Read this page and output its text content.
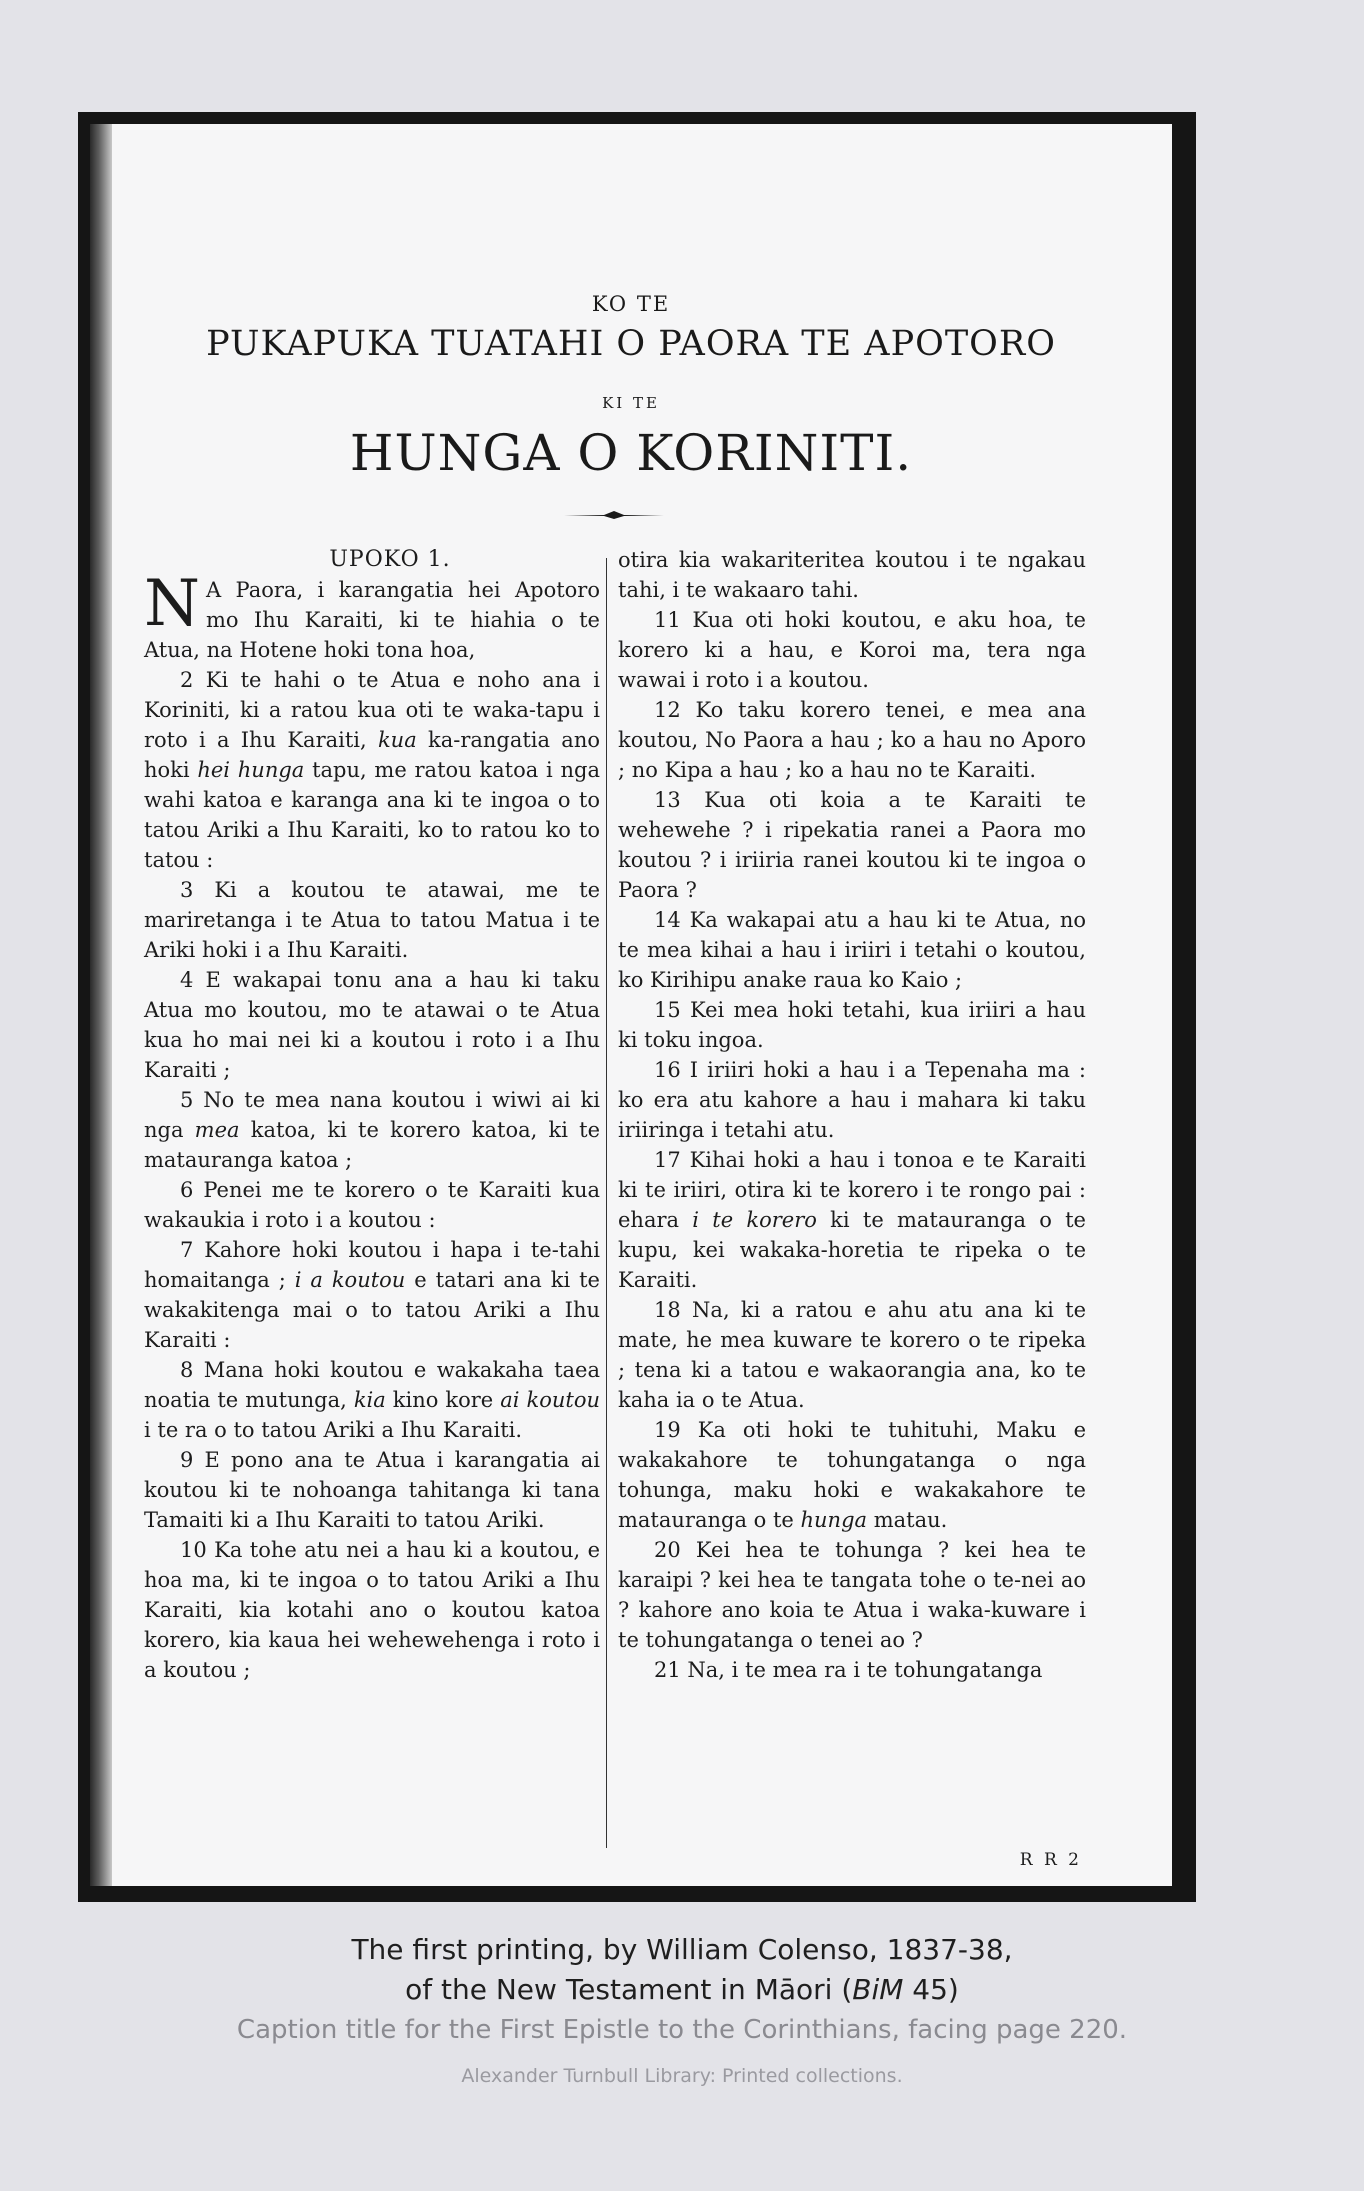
KO TE
PUKAPUKA TUATAHI O PAORA TE APOTORO
KI TE
HUNGA O KORINITI.

UPOKO 1.

N A Paora, i karangatia hei Apotoro mo Ihu Karaiti, ki te hiahia o te Atua, na Hotene hoki tona hoa,

2 Ki te hahi o te Atua e noho ana i Koriniti, ki a ratou kua oti te waka-tapu i roto i a Ihu Karaiti, kua ka-rangatia ano hoki hei hunga tapu, me ratou katoa i nga wahi katoa e karanga ana ki te ingoa o to tatou Ariki a Ihu Karaiti, ko to ratou ko to tatou :

3 Ki a koutou te atawai, me te mariretanga i te Atua to tatou Matua i te Ariki hoki i a Ihu Karaiti.

4 E wakapai tonu ana a hau ki taku Atua mo koutou, mo te atawai o te Atua kua ho mai nei ki a koutou i roto i a Ihu Karaiti ;

5 No te mea nana koutou i wiwi ai ki nga mea katoa, ki te korero katoa, ki te matauranga katoa ;

6 Penei me te korero o te Karaiti kua wakaukia i roto i a koutou :

7 Kahore hoki koutou i hapa i te-tahi homaitanga ; i a koutou e tatari ana ki te wakakitenga mai o to tatou Ariki a Ihu Karaiti :

8 Mana hoki koutou e wakakaha taea noatia te mutunga, kia kino kore ai koutou i te ra o to tatou Ariki a Ihu Karaiti.

9 E pono ana te Atua i karangatia ai koutou ki te nohoanga tahitanga ki tana Tamaiti ki a Ihu Karaiti to tatou Ariki.

10 Ka tohe atu nei a hau ki a koutou, e hoa ma, ki te ingoa o to tatou Ariki a Ihu Karaiti, kia kotahi ano o koutou katoa korero, kia kaua hei wehewehenga i roto i a koutou ;

otira kia wakariteritea koutou i te ngakau tahi, i te wakaaro tahi.

11 Kua oti hoki koutou, e aku hoa, te korero ki a hau, e Koroi ma, tera nga wawai i roto i a koutou.

12 Ko taku korero tenei, e mea ana koutou, No Paora a hau ; ko a hau no Aporo ; no Kipa a hau ; ko a hau no te Karaiti.

13 Kua oti koia a te Karaiti te wehewehe ? i ripekatia ranei a Paora mo koutou ? i iriiria ranei koutou ki te ingoa o Paora ?

14 Ka wakapai atu a hau ki te Atua, no te mea kihai a hau i iriiri i tetahi o koutou, ko Kirihipu anake raua ko Kaio ;

15 Kei mea hoki tetahi, kua iriiri a hau ki toku ingoa.

16 I iriiri hoki a hau i a Tepenaha ma : ko era atu kahore a hau i mahara ki taku iriiringa i tetahi atu.

17 Kihai hoki a hau i tonoa e te Karaiti ki te iriiri, otira ki te korero i te rongo pai : ehara i te korero ki te matauranga o te kupu, kei wakaka-horetia te ripeka o te Karaiti.

18 Na, ki a ratou e ahu atu ana ki te mate, he mea kuware te korero o te ripeka ; tena ki a tatou e wakaorangia ana, ko te kaha ia o te Atua.

19 Ka oti hoki te tuhituhi, Maku e wakakahore te tohungatanga o nga tohunga, maku hoki e wakakahore te matauranga o te hunga matau.

20 Kei hea te tohunga ? kei hea te karaipi ? kei hea te tangata tohe o te-nei ao ? kahore ano koia te Atua i waka-kuware i te tohungatanga o tenei ao ?

21 Na, i te mea ra i te tohungatanga

R R 2
The first printing, by William Colenso, 1837-38,
of the New Testament in Māori (BiM 45)
Caption title for the First Epistle to the Corinthians, facing page 220.
Alexander Turnbull Library: Printed collections.
